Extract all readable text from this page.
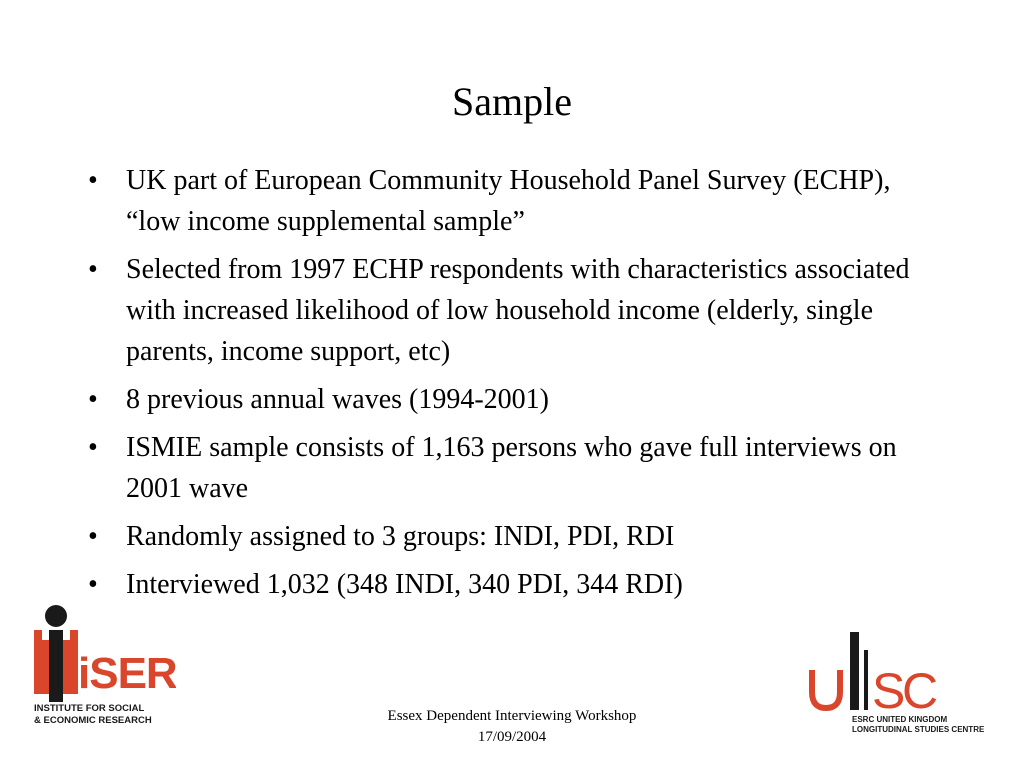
Sample
• UK part of European Community Household Panel Survey (ECHP), “low income supplemental sample”
• Selected from 1997 ECHP respondents with characteristics associated with increased likelihood of low household income (elderly, single parents, income support, etc)
• 8 previous annual waves (1994-2001)
• ISMIE sample consists of 1,163 persons who gave full interviews on 2001 wave
• Randomly assigned to 3 groups: INDI, PDI, RDI
• Interviewed 1,032 (348 INDI, 340 PDI, 344 RDI)
iSER
INSTITUTE FOR SOCIAL
& ECONOMIC RESEARCH	Essex Dependent Interviewing Workshop
17/09/2004
S
C
ESRC UNITED KINGDOM
LONGITUDINAL STUDIES CENTRE
